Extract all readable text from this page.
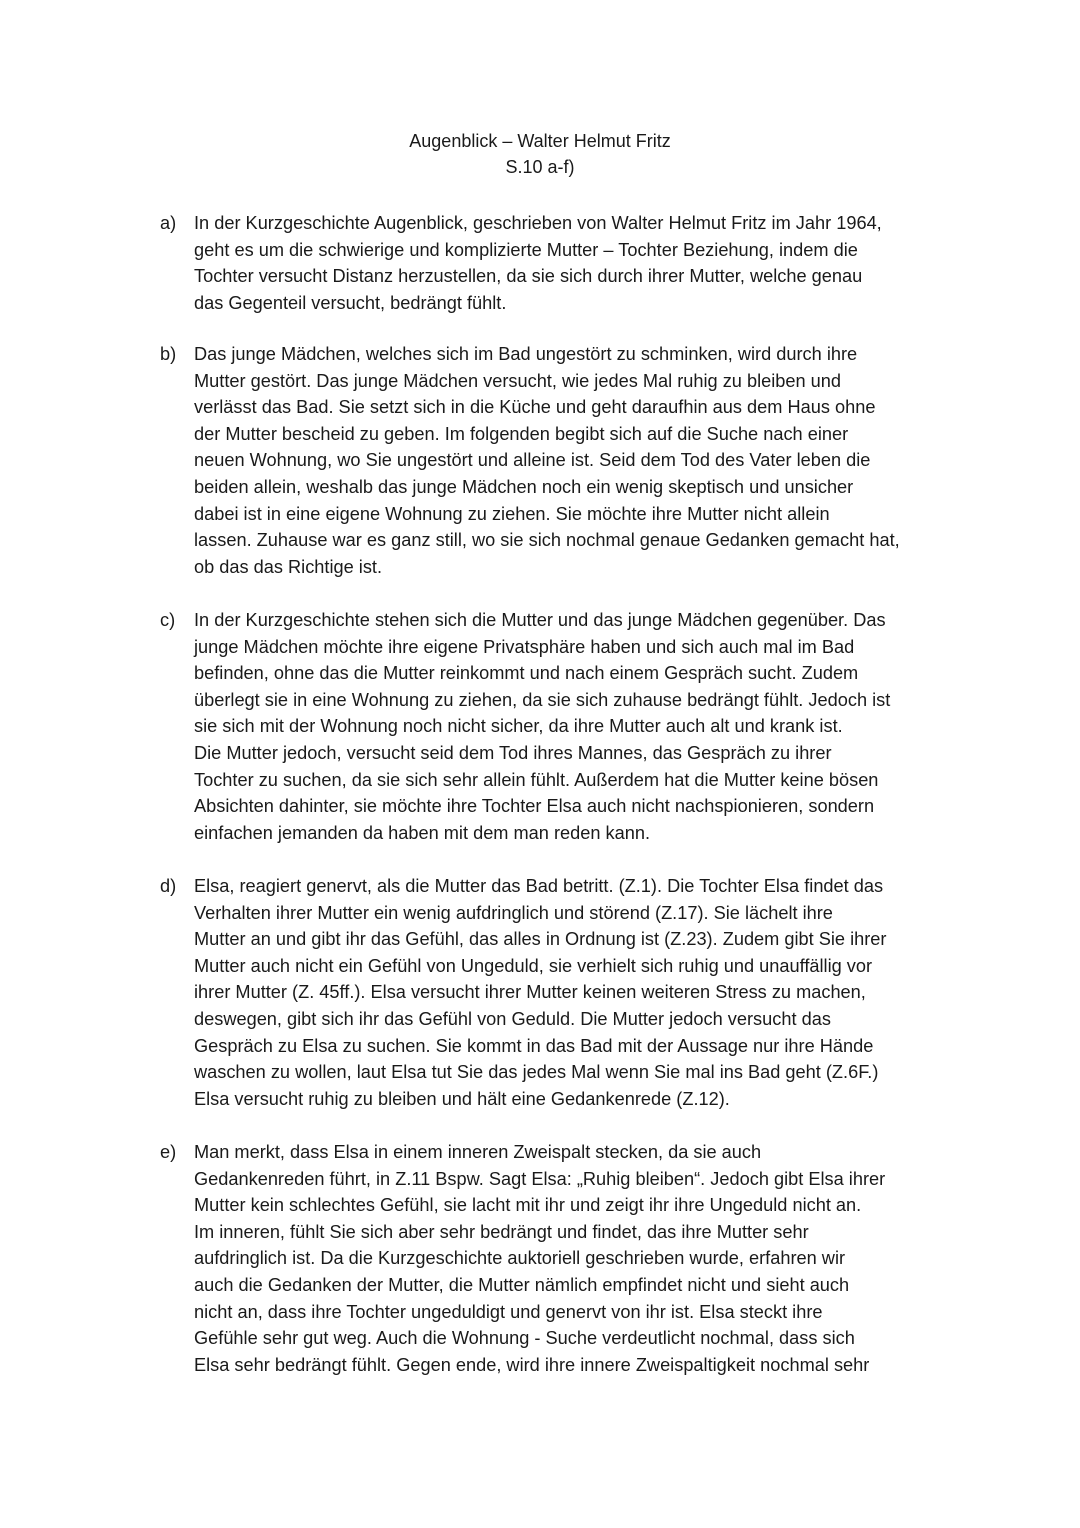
Augenblick – Walter Helmut Fritz
S.10 a-f)
a) In der Kurzgeschichte Augenblick, geschrieben von Walter Helmut Fritz im Jahr 1964,
geht es um die schwierige und komplizierte Mutter – Tochter Beziehung, indem die
Tochter versucht Distanz herzustellen, da sie sich durch ihrer Mutter, welche genau
das Gegenteil versucht, bedrängt fühlt.
b) Das junge Mädchen, welches sich im Bad ungestört zu schminken, wird durch ihre
Mutter gestört. Das junge Mädchen versucht, wie jedes Mal ruhig zu bleiben und
verlässt das Bad. Sie setzt sich in die Küche und geht daraufhin aus dem Haus ohne
der Mutter bescheid zu geben. Im folgenden begibt sich auf die Suche nach einer
neuen Wohnung, wo Sie ungestört und alleine ist. Seid dem Tod des Vater leben die
beiden allein, weshalb das junge Mädchen noch ein wenig skeptisch und unsicher
dabei ist in eine eigene Wohnung zu ziehen. Sie möchte ihre Mutter nicht allein
lassen. Zuhause war es ganz still, wo sie sich nochmal genaue Gedanken gemacht hat,
ob das das Richtige ist.
c)	In der Kurzgeschichte stehen sich die Mutter und das junge Mädchen gegenüber. Das
junge Mädchen möchte ihre eigene Privatsphäre haben und sich auch mal im Bad
befinden, ohne das die Mutter reinkommt und nach einem Gespräch sucht. Zudem
überlegt sie in eine Wohnung zu ziehen, da sie sich zuhause bedrängt fühlt. Jedoch ist
sie sich mit der Wohnung noch nicht sicher, da ihre Mutter auch alt und krank ist.
Die Mutter jedoch, versucht seid dem Tod ihres Mannes, das Gespräch zu ihrer
Tochter zu suchen, da sie sich sehr allein fühlt. Außerdem hat die Mutter keine bösen
Absichten dahinter, sie möchte ihre Tochter Elsa auch nicht nachspionieren, sondern
einfachen jemanden da haben mit dem man reden kann.
d) Elsa, reagiert genervt, als die Mutter das Bad betritt. (Z.1). Die Tochter Elsa findet das
Verhalten ihrer Mutter ein wenig aufdringlich und störend (Z.17). Sie lächelt ihre
Mutter an und gibt ihr das Gefühl, das alles in Ordnung ist (Z.23). Zudem gibt Sie ihrer
Mutter auch nicht ein Gefühl von Ungeduld, sie verhielt sich ruhig und unauffällig vor
ihrer Mutter (Z. 45ff.). Elsa versucht ihrer Mutter keinen weiteren Stress zu machen,
deswegen, gibt sich ihr das Gefühl von Geduld. Die Mutter jedoch versucht das
Gespräch zu Elsa zu suchen. Sie kommt in das Bad mit der Aussage nur ihre Hände
waschen zu wollen, laut Elsa tut Sie das jedes Mal wenn Sie mal ins Bad geht (Z.6F.)
Elsa versucht ruhig zu bleiben und hält eine Gedankenrede (Z.12).
e) Man merkt, dass Elsa in einem inneren Zweispalt stecken, da sie auch
Gedankenreden führt, in Z.11 Bspw. Sagt Elsa: „Ruhig bleiben“. Jedoch gibt Elsa ihrer
Mutter kein schlechtes Gefühl, sie lacht mit ihr und zeigt ihr ihre Ungeduld nicht an.
Im inneren, fühlt Sie sich aber sehr bedrängt und findet, das ihre Mutter sehr
aufdringlich ist. Da die Kurzgeschichte auktoriell geschrieben wurde, erfahren wir
auch die Gedanken der Mutter, die Mutter nämlich empfindet nicht und sieht auch
nicht an, dass ihre Tochter ungeduldigt und genervt von ihr ist. Elsa steckt ihre
Gefühle sehr gut weg. Auch die Wohnung - Suche verdeutlicht nochmal, dass sich
Elsa sehr bedrängt fühlt. Gegen ende, wird ihre innere Zweispaltigkeit nochmal sehr
